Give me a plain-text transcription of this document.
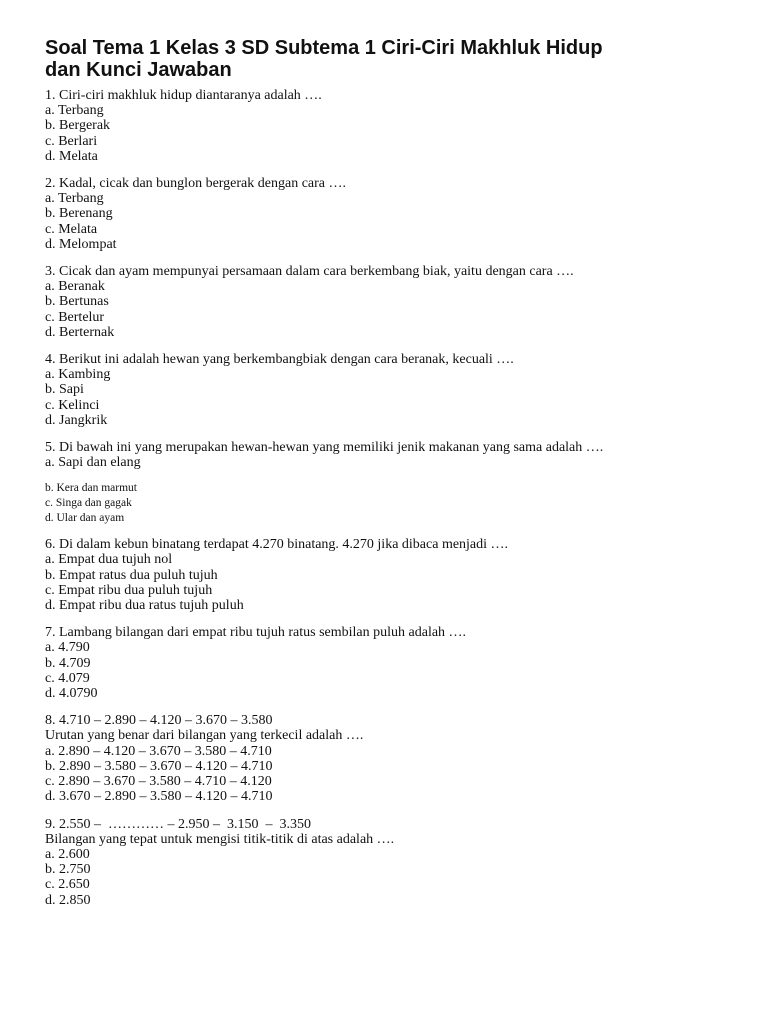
Soal Tema 1 Kelas 3 SD Subtema 1 Ciri-Ciri Makhluk Hidup
dan Kunci Jawaban
1. Ciri-ciri makhluk hidup diantaranya adalah ….
a. Terbang
b. Bergerak
c. Berlari
d. Melata
2. Kadal, cicak dan bunglon bergerak dengan cara ….
a. Terbang
b. Berenang
c. Melata
d. Melompat
3. Cicak dan ayam mempunyai persamaan dalam cara berkembang biak, yaitu dengan cara ….
a. Beranak
b. Bertunas
c. Bertelur
d. Berternak
4. Berikut ini adalah hewan yang berkembangbiak dengan cara beranak, kecuali ….
a. Kambing
b. Sapi
c. Kelinci
d. Jangkrik
5. Di bawah ini yang merupakan hewan-hewan yang memiliki jenik makanan yang sama adalah ….
a. Sapi dan elang
b. Kera dan marmut
c. Singa dan gagak
d. Ular dan ayam
6. Di dalam kebun binatang terdapat 4.270 binatang. 4.270 jika dibaca menjadi ….
a. Empat dua tujuh nol
b. Empat ratus dua puluh tujuh
c. Empat ribu dua puluh tujuh
d. Empat ribu dua ratus tujuh puluh
7. Lambang bilangan dari empat ribu tujuh ratus sembilan puluh adalah ….
a. 4.790
b. 4.709
c. 4.079
d. 4.0790
8. 4.710 – 2.890 – 4.120 – 3.670 – 3.580
Urutan yang benar dari bilangan yang terkecil adalah ….
a. 2.890 – 4.120 – 3.670 – 3.580 – 4.710
b. 2.890 – 3.580 – 3.670 – 4.120 – 4.710
c. 2.890 – 3.670 – 3.580 – 4.710 – 4.120
d. 3.670 – 2.890 – 3.580 – 4.120 – 4.710
9. 2.550 –  ………… – 2.950 –  3.150  –  3.350
Bilangan yang tepat untuk mengisi titik-titik di atas adalah ….
a. 2.600
b. 2.750
c. 2.650
d. 2.850
